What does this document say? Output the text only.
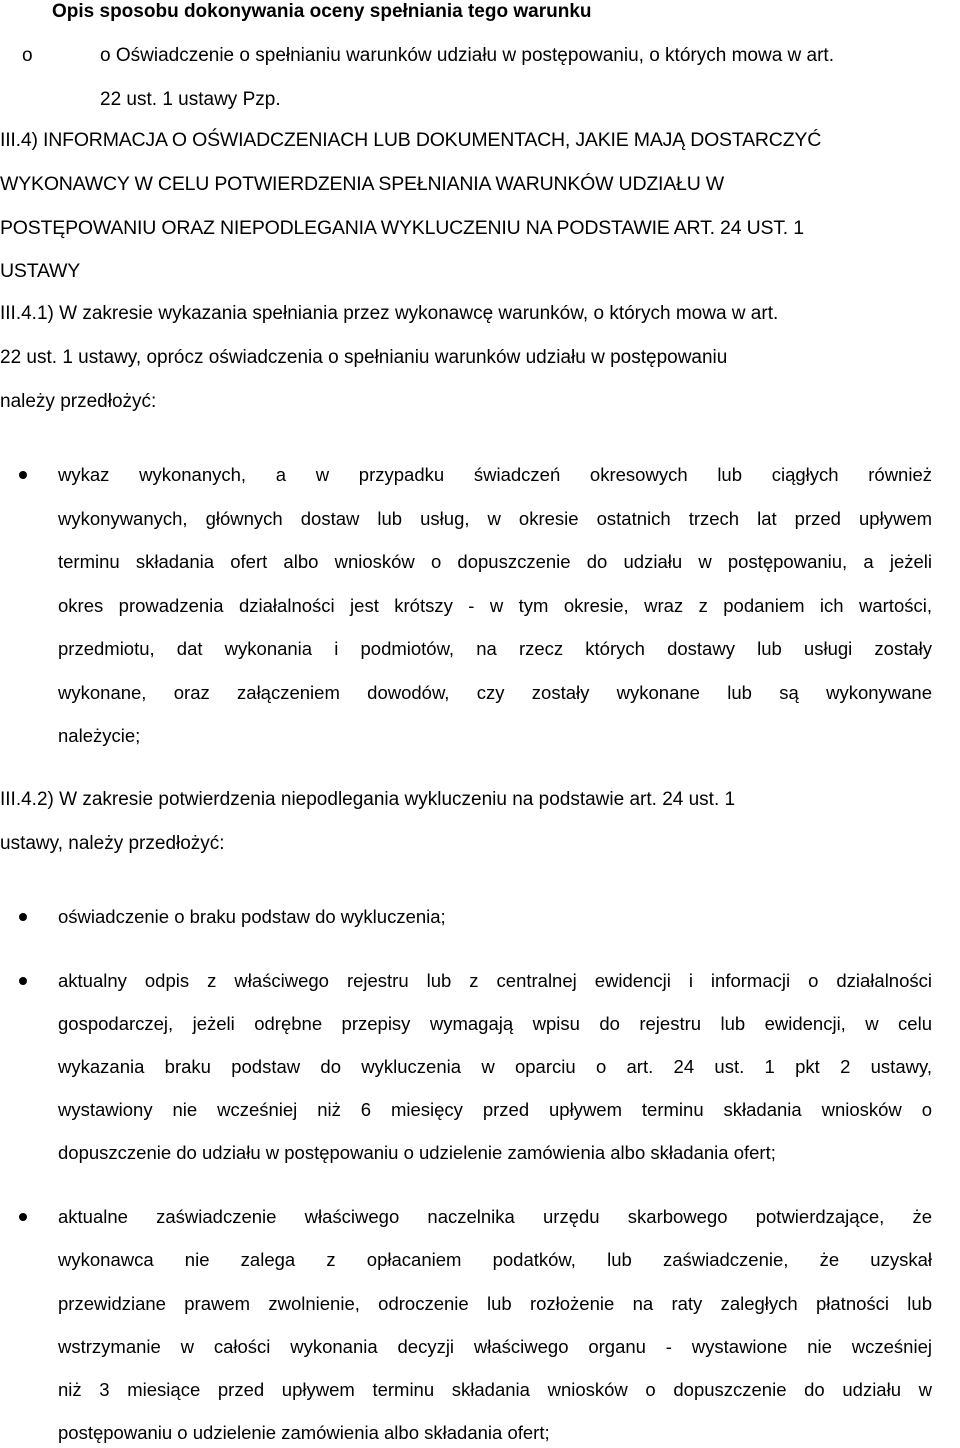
Opis sposobu dokonywania oceny spełniania tego warunku
o	o Oświadczenie o spełnianiu warunków udziału w postępowaniu, o których mowa w art.
22 ust. 1 ustawy Pzp.
III.4) INFORMACJA O OŚWIADCZENIACH LUB DOKUMENTACH, JAKIE MAJĄ DOSTARCZYĆ
WYKONAWCY W CELU POTWIERDZENIA SPEŁNIANIA WARUNKÓW UDZIAŁU W
POSTĘPOWANIU ORAZ NIEPODLEGANIA WYKLUCZENIU NA PODSTAWIE ART. 24 UST. 1
USTAWY
III.4.1) W zakresie wykazania spełniania przez wykonawcę warunków, o których mowa w art.
22 ust. 1 ustawy, oprócz oświadczenia o spełnianiu warunków udziału w postępowaniu
należy przedłożyć:
wykaz wykonanych, a w przypadku świadczeń okresowych lub ciągłych również
wykonywanych, głównych dostaw lub usług, w okresie ostatnich trzech lat przed upływem
terminu składania ofert albo wniosków o dopuszczenie do udziału w postępowaniu, a jeżeli
okres prowadzenia działalności jest krótszy - w tym okresie, wraz z podaniem ich wartości,
przedmiotu, dat wykonania i podmiotów, na rzecz których dostawy lub usługi zostały
wykonane, oraz załączeniem dowodów, czy zostały wykonane lub są wykonywane
należycie;
III.4.2) W zakresie potwierdzenia niepodlegania wykluczeniu na podstawie art. 24 ust. 1
ustawy, należy przedłożyć:
oświadczenie o braku podstaw do wykluczenia;
aktualny odpis z właściwego rejestru lub z centralnej ewidencji i informacji o działalności
gospodarczej, jeżeli odrębne przepisy wymagają wpisu do rejestru lub ewidencji, w celu
wykazania braku podstaw do wykluczenia w oparciu o art. 24 ust. 1 pkt 2 ustawy,
wystawiony nie wcześniej niż 6 miesięcy przed upływem terminu składania wniosków o
dopuszczenie do udziału w postępowaniu o udzielenie zamówienia albo składania ofert;
aktualne zaświadczenie właściwego naczelnika urzędu skarbowego potwierdzające, że
wykonawca nie zalega z opłacaniem podatków, lub zaświadczenie, że uzyskał
przewidziane prawem zwolnienie, odroczenie lub rozłożenie na raty zaległych płatności lub
wstrzymanie w całości wykonania decyzji właściwego organu - wystawione nie wcześniej
niż 3 miesiące przed upływem terminu składania wniosków o dopuszczenie do udziału w
postępowaniu o udzielenie zamówienia albo składania ofert;
